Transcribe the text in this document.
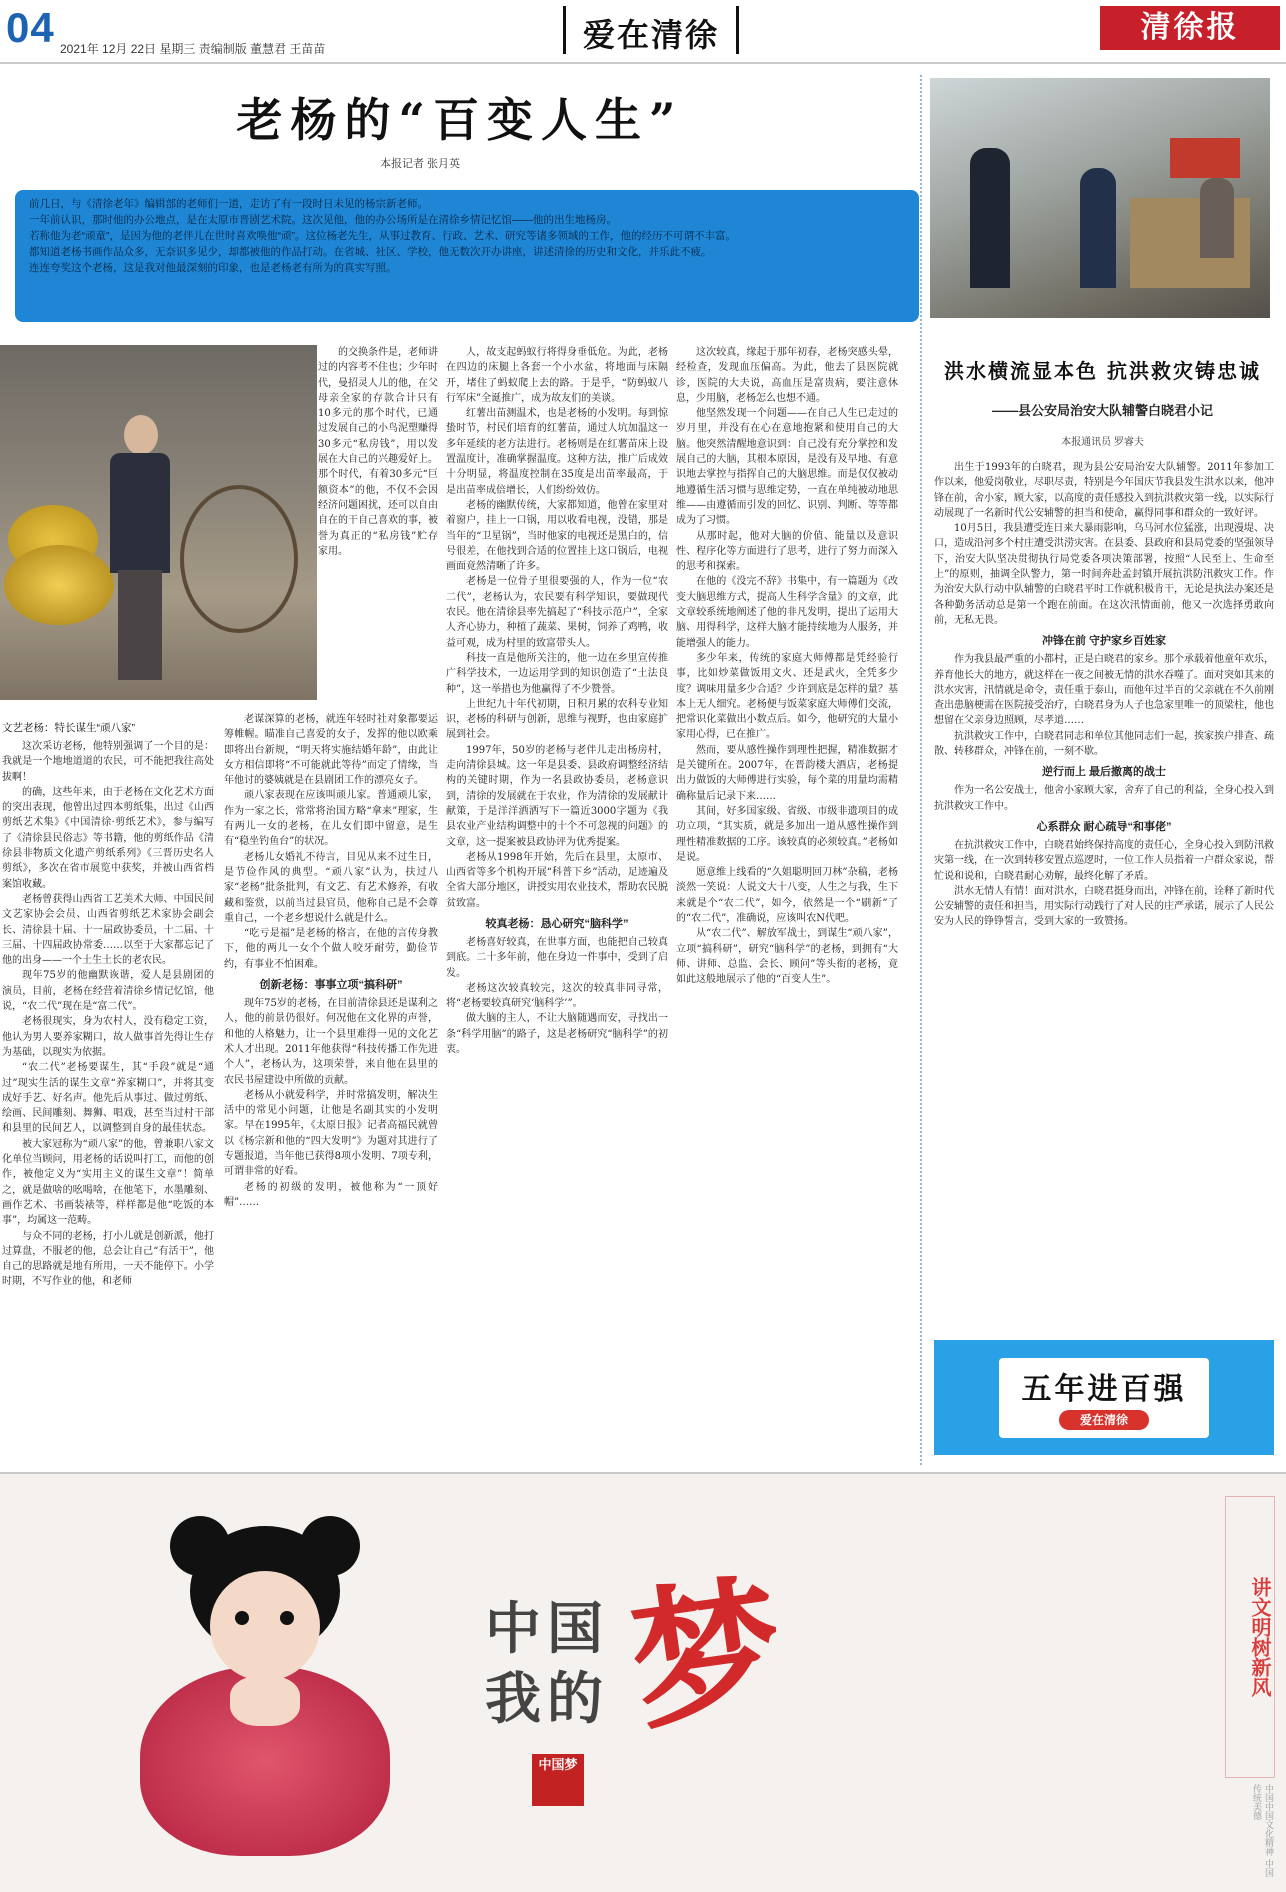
04 2021年 12月 22日 星期三 责编制版 董慧君 王苗苗	爱在清徐	清徐报
老杨的“百变人生”
本报记者 张月英

前几日，与《清徐老年》编辑部的老师们一道，走访了有一段时日未见的杨宗新老师。

一年前认识，那时他的办公地点，是在太原市晋剧艺术院。这次见他，他的办公场所是在清徐乡情记忆馆——他的出生地杨房。

若称他为老“顽童”，是因为他的老伴儿在世时喜欢唤他“顽”。这位杨老先生，从事过教育、行政、艺术、研究等诸多领域的工作，他的经历不可谓不丰富。

都知道老杨书画作品众多，无奈识多见少，却都被他的作品打动。在省城、社区、学校，他无数次开办讲座，讲述清徐的历史和文化，并乐此不疲。

连连夸奖这个老杨，这是我对他最深刻的印象，也是老杨老有所为的真实写照。

的交换条件是，老师讲过的内容考不住也；少年时代，曼招灵人儿的他，在父母亲全家的存款合计只有10多元的那个时代，已通过发展自己的小鸟泥塑赚得30多元“私房钱”，用以发展在大自己的兴趣爱好上。那个时代，有着30多元“巨额资本”的他，不仅不会因经济问题困扰，还可以自由自在的干自己喜欢的事，被誉为真正的“私房钱”贮存家用。

文艺老杨：特长谋生“顽八家”

这次采访老杨，他特别强调了一个目的是：我就是一个地地道道的农民，可不能把我往高处拔啊！

的确，这些年来，由于老杨在文化艺术方面的突出表现，他曾出过四本剪纸集，出过《山西剪纸艺术集》《中国清徐·剪纸艺术》，参与编写了《清徐县民俗志》等书籍，他的剪纸作品《清徐县非物质文化遗产剪纸系列》《三晋历史名人剪纸》，多次在省市展览中获奖，并被山西省档案馆收藏。

老杨曾获得山西省工艺美术大师、中国民间文艺家协会会员、山西省剪纸艺术家协会副会长、清徐县十届、十一届政协委员，十二届、十三届、十四届政协常委……以至于大家都忘记了他的出身——一个土生土长的老农民。

现年75岁的他幽默诙谐，爱人是县剧团的演员，目前，老杨在经营着清徐乡情记忆馆，他说，“农二代”现在是“富二代”。

老杨很现实，身为农村人，没有稳定工资，他认为男人要养家糊口，故人做事首先得让生存为基础，以现实为依据。

“农二代”老杨要谋生，其“手段”就是“通过”现实生活的谋生文章“养家糊口”，并将其变成好手艺、好名声。他先后从事过、做过剪纸、绘画、民间雕刻、舞狮、唱戏，甚至当过村干部和县里的民间艺人，以调整到自身的最佳状态。

被大家冠称为“顽八家”的他，曾兼职八家文化单位当顾问，用老杨的话说叫打工，而他的创作，被他定义为“实用主义的谋生文章”！简单之，就是做啥的吆喝啥，在他笔下，水墨雕刻、画作艺术、书画装裱等，样样都是他“吃饭的本事”，均属这一范畴。

与众不同的老杨，打小儿就是创新派，他打过算盘，不服老的他，总会让自己“有活干”，他自己的思路就是地有所用，一天不能停下。小学时期，不写作业的他，和老师

老谋深算的老杨，就连年轻时社对象都要运筹帷幄。瞄准自己喜爱的女子，发挥的他以欧乘即将出台新规，“明天将实施结婚年龄”，由此让女方相信即将“不可能就此等待”而定了情缘，当年他讨的婆姨就是在县剧团工作的漂亮女子。

顽八家表现在应该叫顽儿家。普通顽儿家，作为一家之长，常常将治国方略“拿来”理家，生有两儿一女的老杨，在儿女们即中留意，是生有“稳坐钓鱼台”的状况。

老杨儿女婚礼不待言，目见从来不过生日，是节俭作风的典型。“顽八家”认为，扶过八家“老杨”批条批判，有文艺、有艺术修养，有收藏和鉴赏，以前当过县官员，他称自己是不会尊重自己，一个老乡想说什么就是什么。

“吃亏是福”是老杨的格言，在他的言传身教下，他的两儿一女个个做人咬牙耐劳，勤俭节约，有事业不怕困难。

创新老杨：事事立项“搞科研”

现年75岁的老杨，在目前清徐县还是谋利之人，他的前景仍很好。何况他在文化界的声誉，和他的人格魅力，让一个县里难得一见的文化艺术人才出现。2011年他获得“科技传播工作先进个人”，老杨认为，这项荣誉，来自他在县里的农民书屋建设中所做的贡献。

老杨从小就爱科学，并时常搞发明，解决生活中的常见小问题，让他是名副其实的小发明家。早在1995年，《太原日报》记者高福民就曾以《杨宗新和他的“四大发明”》为题对其进行了专题报道，当年他已获得8项小发明、7项专利，可谓非常的好看。

老杨的初级的发明，被他称为“一顶好帽”……

人，故支起蚂蚁行将得身垂低危。为此，老杨在四边的床腿上各套一个小水盆，将地面与床隔开，堵住了蚂蚁爬上去的路。于是乎，“防蚂蚁八行军床”全诞推广，成为故友们的美谈。

红薯出苗测温术，也是老杨的小发明。每到惊蛰时节，村民们培育的红薯苗，通过人坑加温这一多年延续的老方法进行。老杨则是在红薯苗床上设置温度计，准确掌握温度。这种方法，推广后成效十分明显，将温度控制在35度是出苗率最高，于是出苗率成倍增长，人们纷纷效仿。

老杨的幽默传统，大家都知道，他曾在家里对着窗户，挂上一口锅，用以收看电视，没错，那是当年的“卫星锅”，当时他家的电视还是黑白的，信号很差，在他找到合适的位置挂上这口锅后，电视画面竟然清晰了许多。

老杨是一位骨子里很要强的人，作为一位“农二代”，老杨认为，农民要有科学知识，要做现代农民。他在清徐县率先搞起了“科技示范户”，全家人齐心协力，种植了蔬菜、果树，饲养了鸡鸭，收益可观，成为村里的致富带头人。

科技一直是他所关注的，他一边在乡里宣传推广科学技术，一边运用学到的知识创造了“土法良种”，这一举措也为他赢得了不少赞誉。

上世纪九十年代初期，日积月累的农科专业知识，老杨的科研与创新，思维与视野，也由家庭扩展到社会。

1997年，50岁的老杨与老伴儿走出杨房村，走向清徐县城。这一年是县委、县政府调整经济结构的关键时期，作为一名县政协委员，老杨意识到，清徐的发展就在于农业，作为清徐的发展献计献策，于是洋洋洒洒写下一篇近3000字题为《我县农业产业结构调整中的十个不可忽视的问题》的文章，这一提案被县政协评为优秀提案。

老杨从1998年开始，先后在县里，太原市、山西省等多个机构开展“科普下乡”活动，足迹遍及全省大部分地区，讲授实用农业技术，帮助农民脱贫致富。

较真老杨：恳心研究“脑科学”

老杨喜好较真，在世事方面，也能把自己较真到底。二十多年前，他在身边一件事中，受到了启发。

老杨这次较真较完，这次的较真非同寻常，将“老杨要较真研究‘脑科学’”。

做大脑的主人，不让大脑随遇而安，寻找出一条“科学用脑”的路子，这是老杨研究“脑科学”的初衷。

这次较真，缘起于那年初春，老杨突感头晕，经检查，发现血压偏高。为此，他去了县医院就诊，医院的大夫说，高血压是富贵病，要注意休息，少用脑，老杨怎么也想不通。

他坚然发现一个问题——在自己人生已走过的岁月里，并没有在心在意地抱紧和使用自己的大脑。他突然清醒地意识到：自己没有充分掌控和发展自己的大脑，其根本原因，是没有及早地、有意识地去掌控与指挥自己的大脑思维。而是仅仅被动地遵循生活习惯与思维定势，一直在单纯被动地思维——由遵循而引发的回忆、识别、判断、等等都成为了习惯。

从那时起，他对大脑的价值、能量以及意识性、程序化等方面进行了思考，进行了努力而深入的思考和探索。

在他的《没完不辞》书集中，有一篇题为《改变大脑思维方式，提高人生科学含量》的文章，此文章较系统地阐述了他的非凡发明，提出了运用大脑、用得科学，这样大脑才能持续地为人服务，并能增强人的能力。

多少年来，传统的家庭大师傅都是凭经验行事，比如炒菜做饭用文火、还是武火，全凭多少度？调味用量多少合适？少许到底是怎样的量？基本上无人细究。老杨便与饭菜家庭大师傅们交流，把常识化菜做出小数点后。如今，他研究的大量小家用心得，已在推广。

然而，要从感性操作到理性把握，精准数据才是关键所在。2007年，在晋韵楼大酒店，老杨提出力做饭的大师傅进行实验，每个菜的用量均需精确称量后记录下来……

其间，好多国家级、省级、市级非遗项目的成功立项，“其实质，就是多加出一道从感性操作到理性精准数据的工序。该较真的必须较真。”老杨如是说。

愿意维上线看的“久姐聪明回刀林”杂稿，老杨淡然一笑说：人说文大十八变，人生之与我，生下来就是个“农二代”，如今，依然是一个“刷新”了的“农二代”，准确说，应该叫农N代吧。

从“农二代”、解放军战士，到谋生“顽八家”，立项“搞科研”，研究“脑科学”的老杨，到拥有“大师、讲师、总监、会长、顾问”等头衔的老杨，竟如此这般地展示了他的“百变人生”。

洪水横流显本色 抗洪救灾铸忠诚
——县公安局治安大队辅警白晓君小记
本报通讯员 罗睿夫

出生于1993年的白晓君，现为县公安局治安大队辅警。2011年参加工作以来，他爱岗敬业，尽职尽责，特别是今年国庆节我县发生洪水以来，他冲锋在前，舍小家，顾大家，以高度的责任感投入到抗洪救灾第一线，以实际行动展现了一名新时代公安辅警的担当和使命，赢得同事和群众的一致好评。

10月5日，我县遭受连日来大暴雨影响，乌马河水位猛涨，出现漫堤、决口，造成沿河多个村庄遭受洪涝灾害。在县委、县政府和县局党委的坚强领导下，治安大队坚决贯彻执行局党委各项决策部署，按照“人民至上、生命至上”的原则，抽调全队警力，第一时间奔赴孟封镇开展抗洪防汛救灾工作。作为治安大队行动中队辅警的白晓君平时工作就积极肯干，无论是执法办案还是各种勤务活动总是第一个跑在前面。在这次汛情面前，他又一次选择勇敢向前，无私无畏。

冲锋在前 守护家乡百姓家

作为我县最严重的小都村，正是白晓君的家乡。那个承载着他童年欢乐，养育他长大的地方，就这样在一夜之间被无情的洪水吞噬了。面对突如其来的洪水灾害，汛情就是命令，责任重于泰山，而他年过半百的父亲就在不久前刚查出患脑梗需在医院接受治疗，白晓君身为人子也急家里唯一的顶梁柱，他也想留在父亲身边照顾，尽孝道……

抗洪救灾工作中，白晓君同志和单位其他同志们一起，挨家挨户排查、疏散、转移群众，冲锋在前，一刻不歇。

逆行而上 最后撤离的战士

作为一名公安战士，他舍小家顾大家，舍弃了自己的利益，全身心投入到抗洪救灾工作中。

心系群众 耐心疏导“和事佬”

在抗洪救灾工作中，白晓君始终保持高度的责任心，全身心投入到防汛救灾第一线，在一次到转移安置点巡逻时，一位工作人员指着一户群众家说，帮忙说和说和，白晓君耐心劝解，最终化解了矛盾。

洪水无情人有情！面对洪水，白晓君挺身而出，冲锋在前，诠释了新时代公安辅警的责任和担当，用实际行动践行了对人民的庄严承诺，展示了人民公安为人民的铮铮誓言，受到大家的一致赞扬。

五年进百强
爱在清徐
中国
我的 梦
中国梦
讲文明树新风
中国中国文化精神 中国传统美德
